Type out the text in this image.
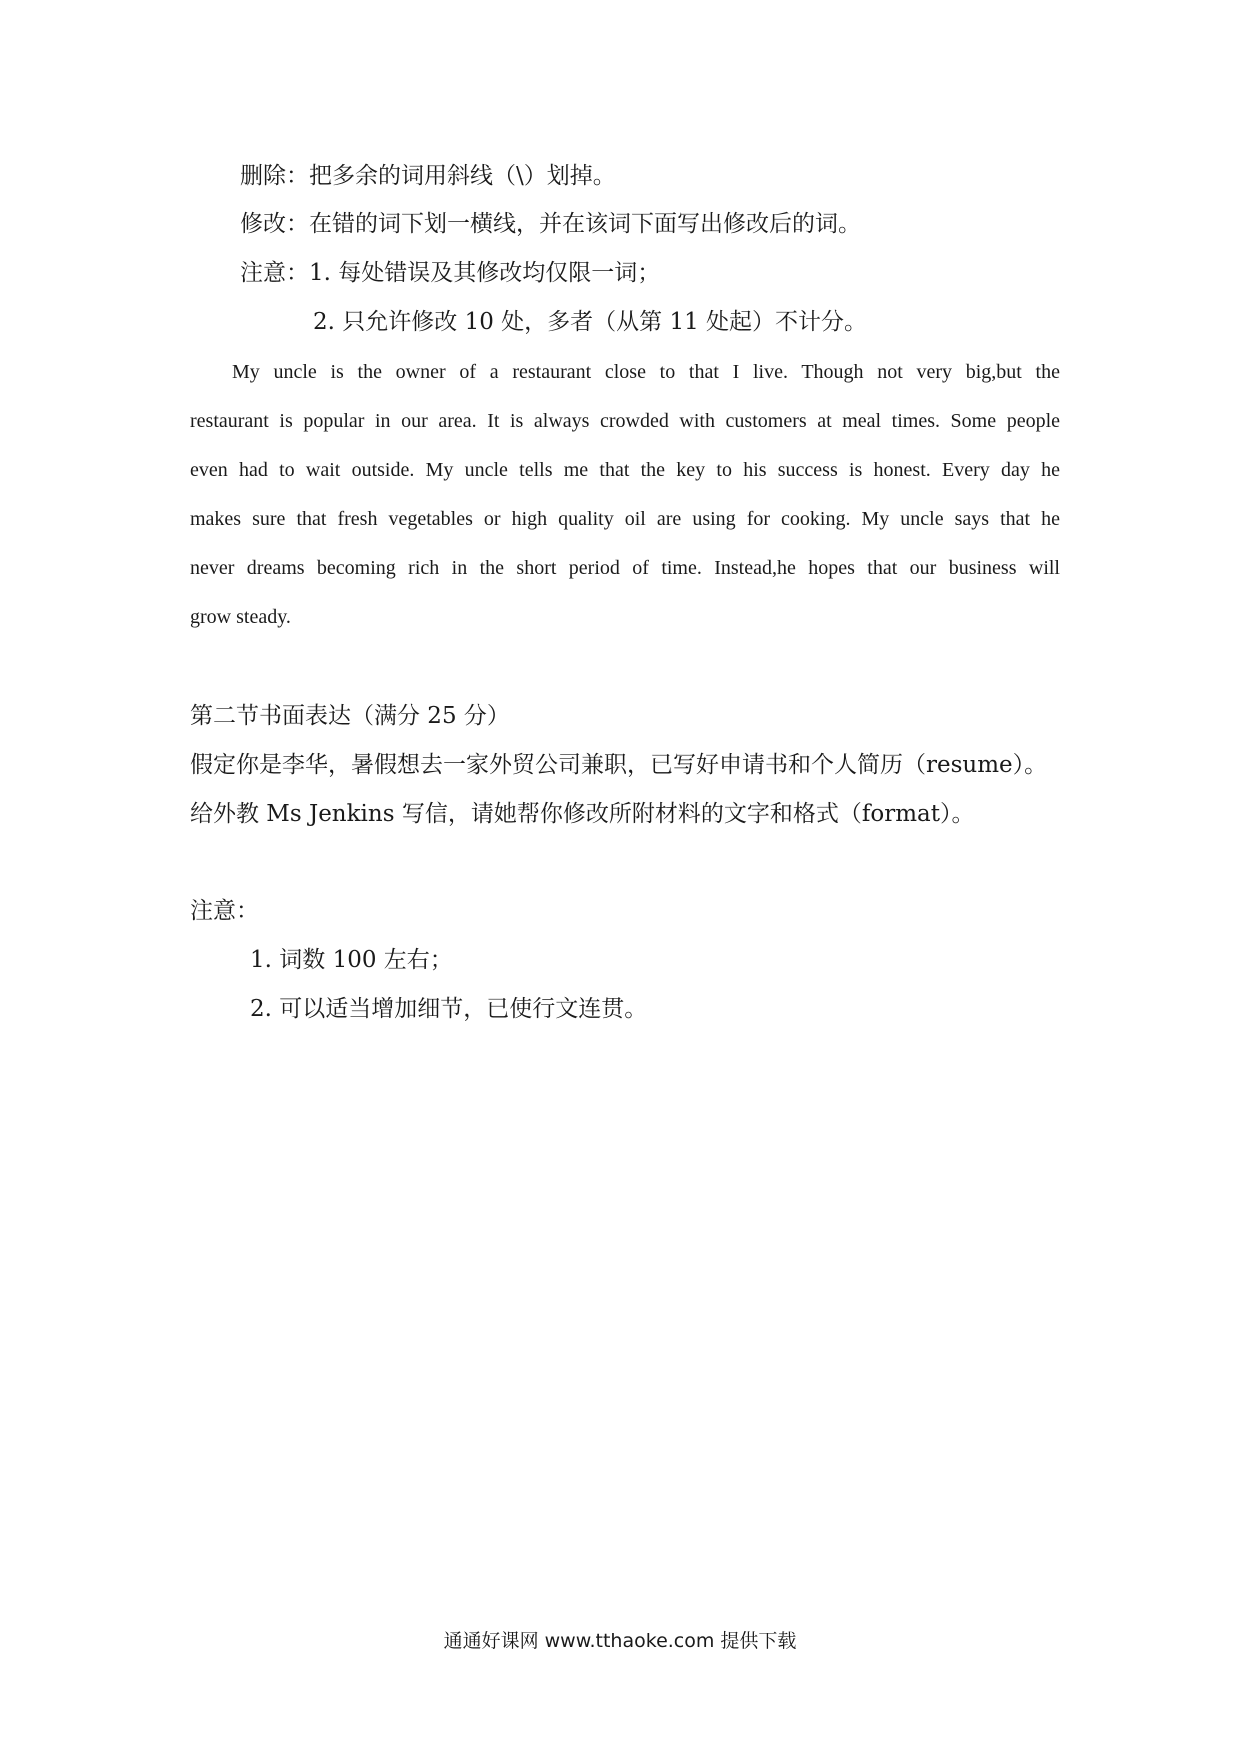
删除：把多余的词用斜线（\）划掉。
修改：在错的词下划一横线，并在该词下面写出修改后的词。
注意：1. 每处错误及其修改均仅限一词；
2. 只允许修改 10 处，多者（从第 11 处起）不计分。
My uncle is the owner of a restaurant close to that I live. Though not very big,but the
restaurant is popular in our area. It is always crowded with customers at meal times. Some people
even had to wait outside. My uncle tells me that the key to his success is honest. Every day he
makes sure that fresh vegetables or high quality oil are using for cooking. My uncle says that he
never dreams becoming rich in the short period of time. Instead,he hopes that our business will
grow steady.
第二节书面表达（满分 25 分）
假定你是李华，暑假想去一家外贸公司兼职，已写好申请书和个人简历（resume）。
给外教 Ms Jenkins 写信，请她帮你修改所附材料的文字和格式（format）。
注意：
1. 词数 100 左右；
2. 可以适当增加细节，已使行文连贯。
通通好课网 www.tthaoke.com 提供下载
